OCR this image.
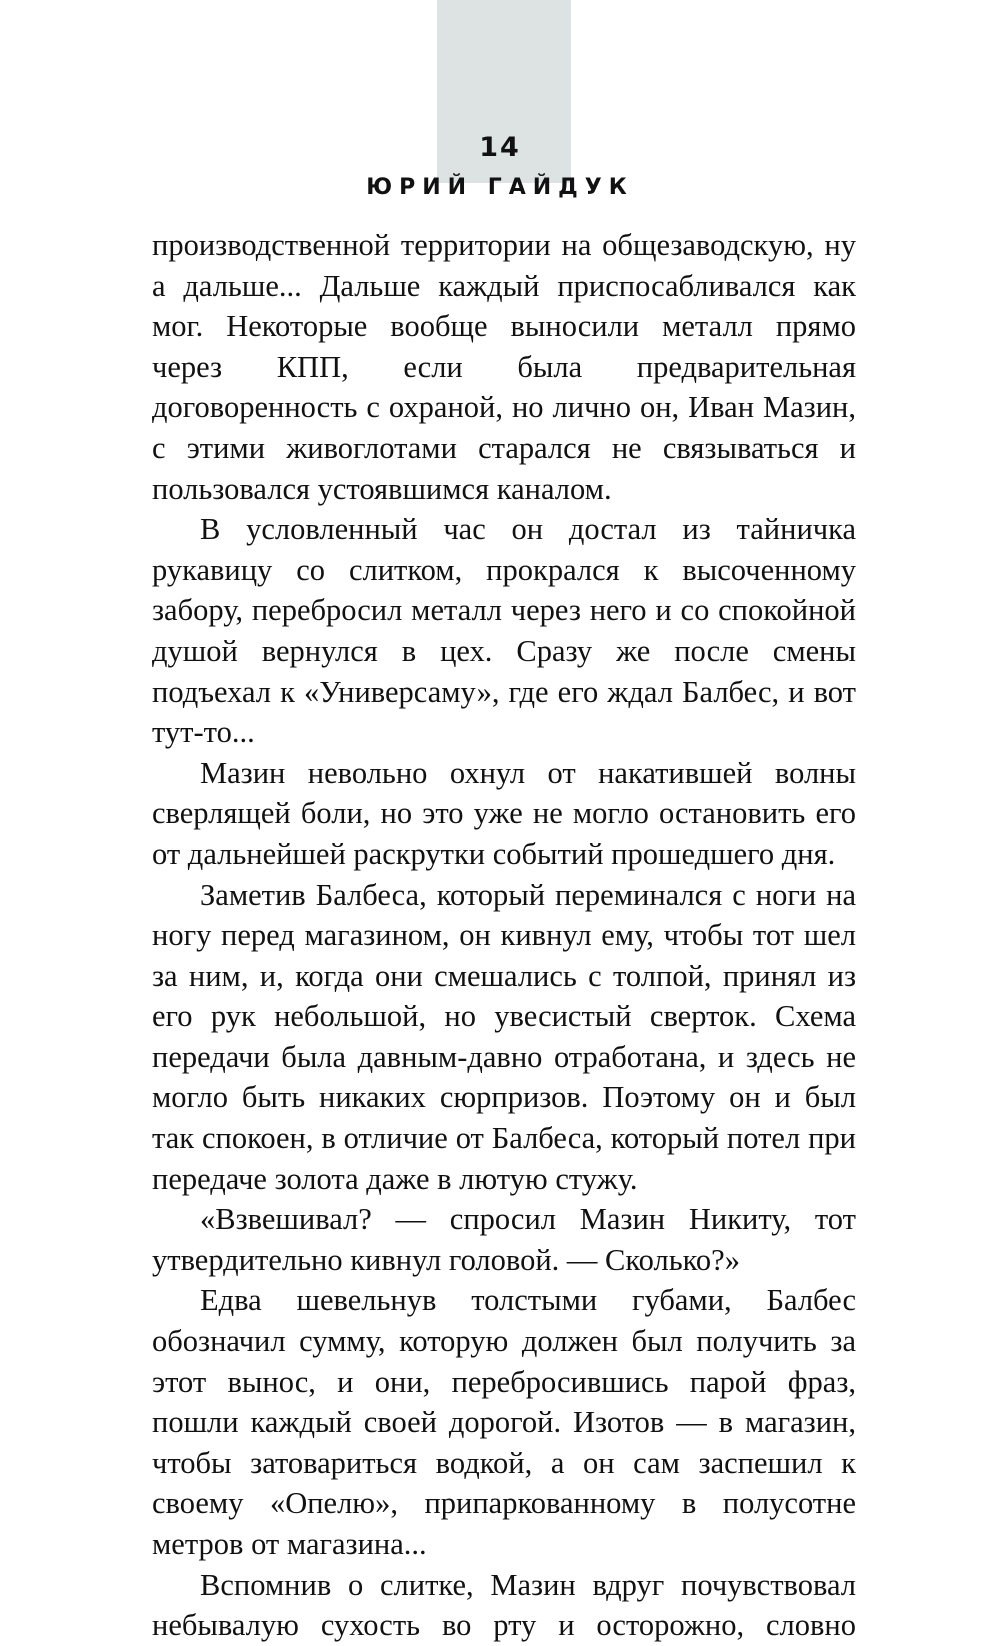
14
ЮРИЙ ГАЙДУК

производственной территории на общезаводскую, ну а дальше... Дальше каждый приспосабливался как мог. Некоторые вообще выносили металл прямо через КПП, если была предварительная договоренность с охраной, но лично он, Иван Мазин, с этими живоглотами старался не связываться и пользовался устоявшимся каналом.

В условленный час он достал из тайничка рукавицу со слитком, прокрался к высоченному забору, перебросил металл через него и со спокойной душой вернулся в цех. Сразу же после смены подъехал к «Универсаму», где его ждал Балбес, и вот тут-то...

Мазин невольно охнул от накатившей волны сверлящей боли, но это уже не могло остановить его от дальнейшей раскрутки событий прошедшего дня.

Заметив Балбеса, который переминался с ноги на ногу перед магазином, он кивнул ему, чтобы тот шел за ним, и, когда они смешались с толпой, принял из его рук небольшой, но увесистый сверток. Схема передачи была давным-давно отработана, и здесь не могло быть никаких сюрпризов. Поэтому он и был так спокоен, в отличие от Балбеса, который потел при передаче золота даже в лютую стужу.

«Взвешивал? — спросил Мазин Никиту, тот утвердительно кивнул головой. — Сколько?»

Едва шевельнув толстыми губами, Балбес обозначил сумму, которую должен был получить за этот вынос, и они, перебросившись парой фраз, пошли каждый своей дорогой. Изотов — в магазин, чтобы затовариться водкой, а он сам заспешил к своему «Опелю», припаркованному в полусотне метров от магазина...

Вспомнив о слитке, Мазин вдруг почувствовал небывалую сухость во рту и осторожно, словно
